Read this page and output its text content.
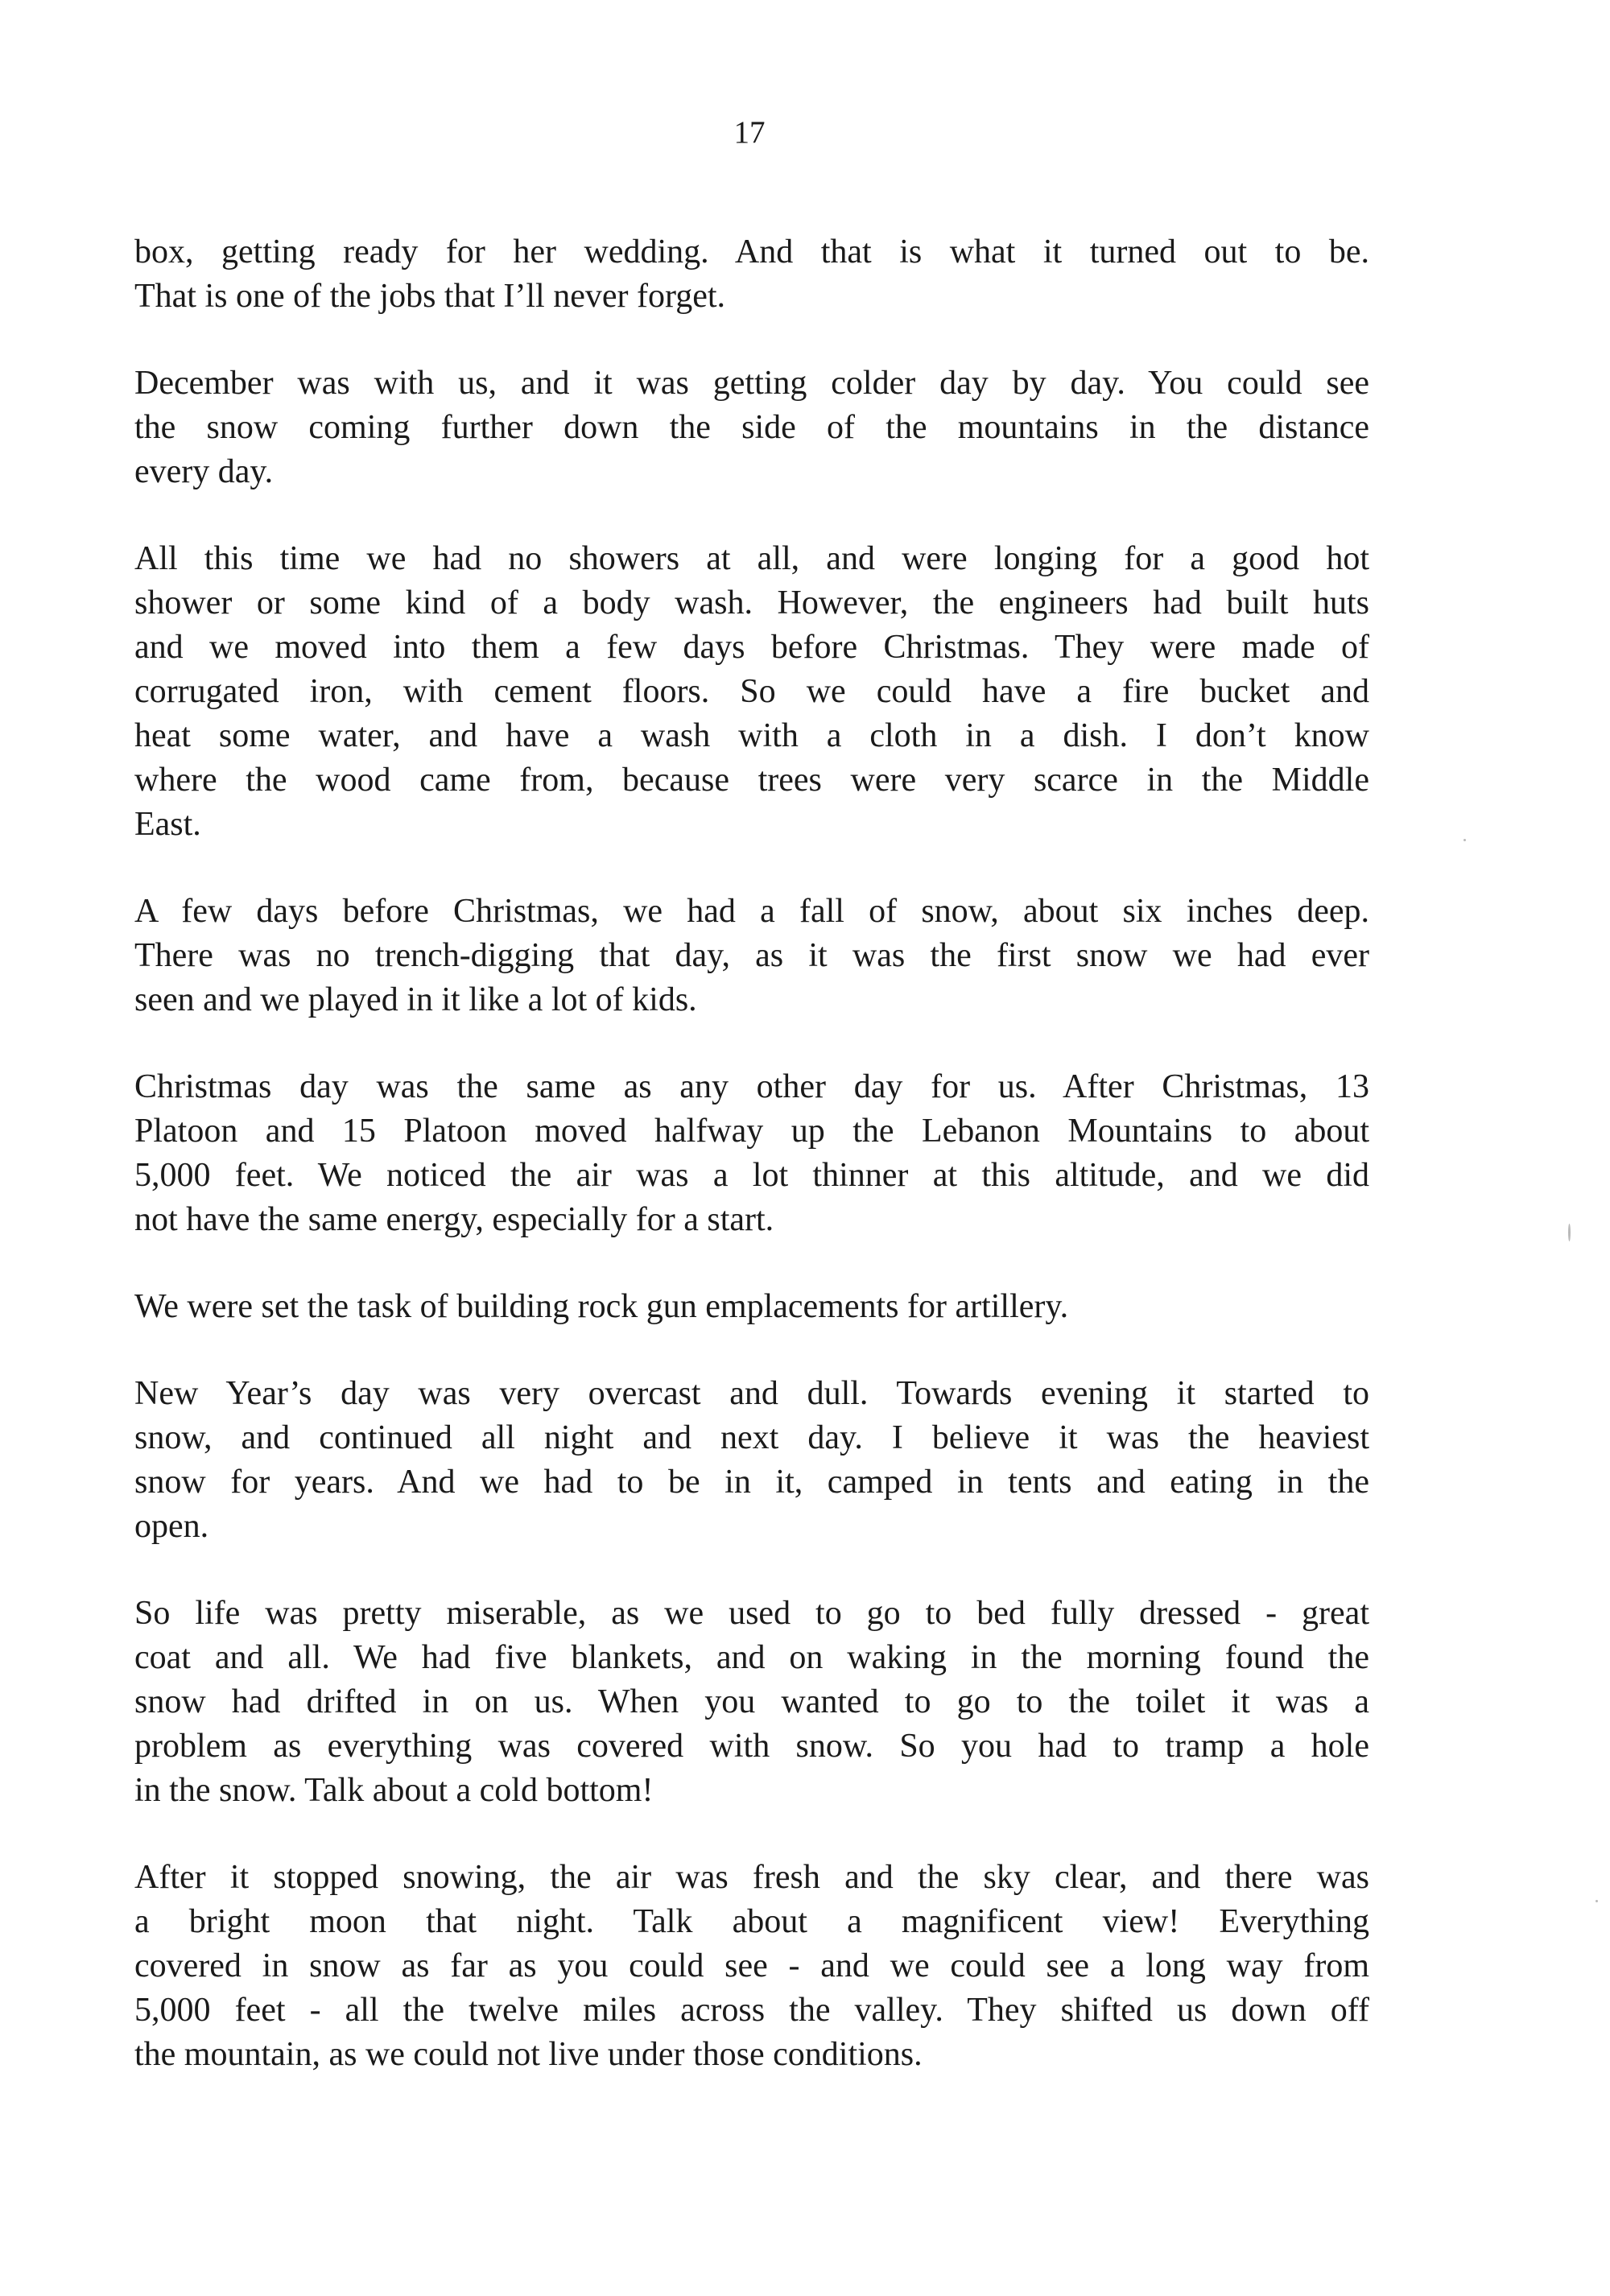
17

box, getting ready for her wedding. And that is what it turned out to be.
That is one of the jobs that I’ll never forget.

December was with us, and it was getting colder day by day. You could see
the snow coming further down the side of the mountains in the distance
every day.

All this time we had no showers at all, and were longing for a good hot
shower or some kind of a body wash. However, the engineers had built huts
and we moved into them a few days before Christmas. They were made of
corrugated iron, with cement floors. So we could have a fire bucket and
heat some water, and have a wash with a cloth in a dish. I don’t know
where the wood came from, because trees were very scarce in the Middle
East.

A few days before Christmas, we had a fall of snow, about six inches deep.
There was no trench-digging that day, as it was the first snow we had ever
seen and we played in it like a lot of kids.

Christmas day was the same as any other day for us. After Christmas, 13
Platoon and 15 Platoon moved halfway up the Lebanon Mountains to about
5,000 feet. We noticed the air was a lot thinner at this altitude, and we did
not have the same energy, especially for a start.

We were set the task of building rock gun emplacements for artillery.

New Year’s day was very overcast and dull. Towards evening it started to
snow, and continued all night and next day. I believe it was the heaviest
snow for years. And we had to be in it, camped in tents and eating in the
open.

So life was pretty miserable, as we used to go to bed fully dressed - great
coat and all. We had five blankets, and on waking in the morning found the
snow had drifted in on us. When you wanted to go to the toilet it was a
problem as everything was covered with snow. So you had to tramp a hole
in the snow. Talk about a cold bottom!

After it stopped snowing, the air was fresh and the sky clear, and there was
a bright moon that night. Talk about a magnificent view! Everything
covered in snow as far as you could see - and we could see a long way from
5,000 feet - all the twelve miles across the valley. They shifted us down off
the mountain, as we could not live under those conditions.
